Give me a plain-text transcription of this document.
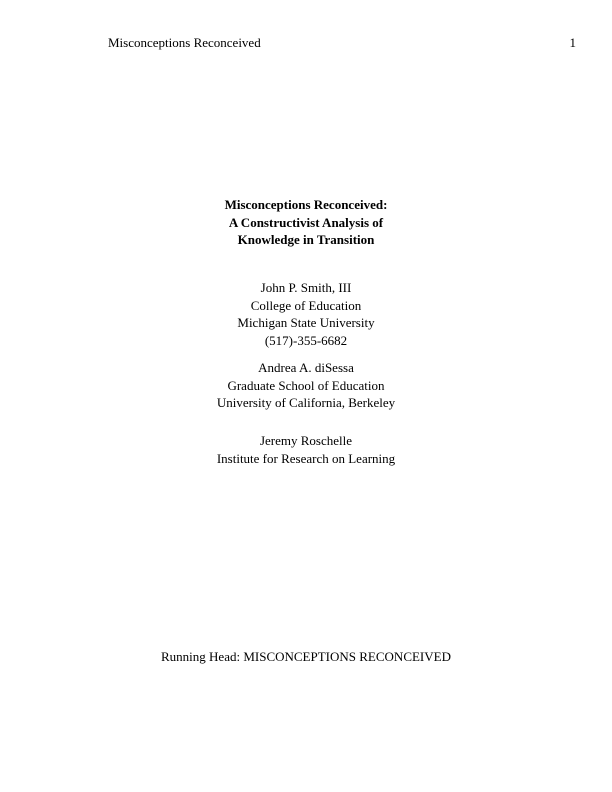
Misconceptions Reconceived	1
Misconceptions Reconceived:
A Constructivist Analysis of
Knowledge in Transition
John P. Smith, III
College of Education
Michigan State University
(517)-355-6682
Andrea A. diSessa
Graduate School of Education
University of California, Berkeley
Jeremy Roschelle
Institute for Research on Learning
Running Head: MISCONCEPTIONS RECONCEIVED
